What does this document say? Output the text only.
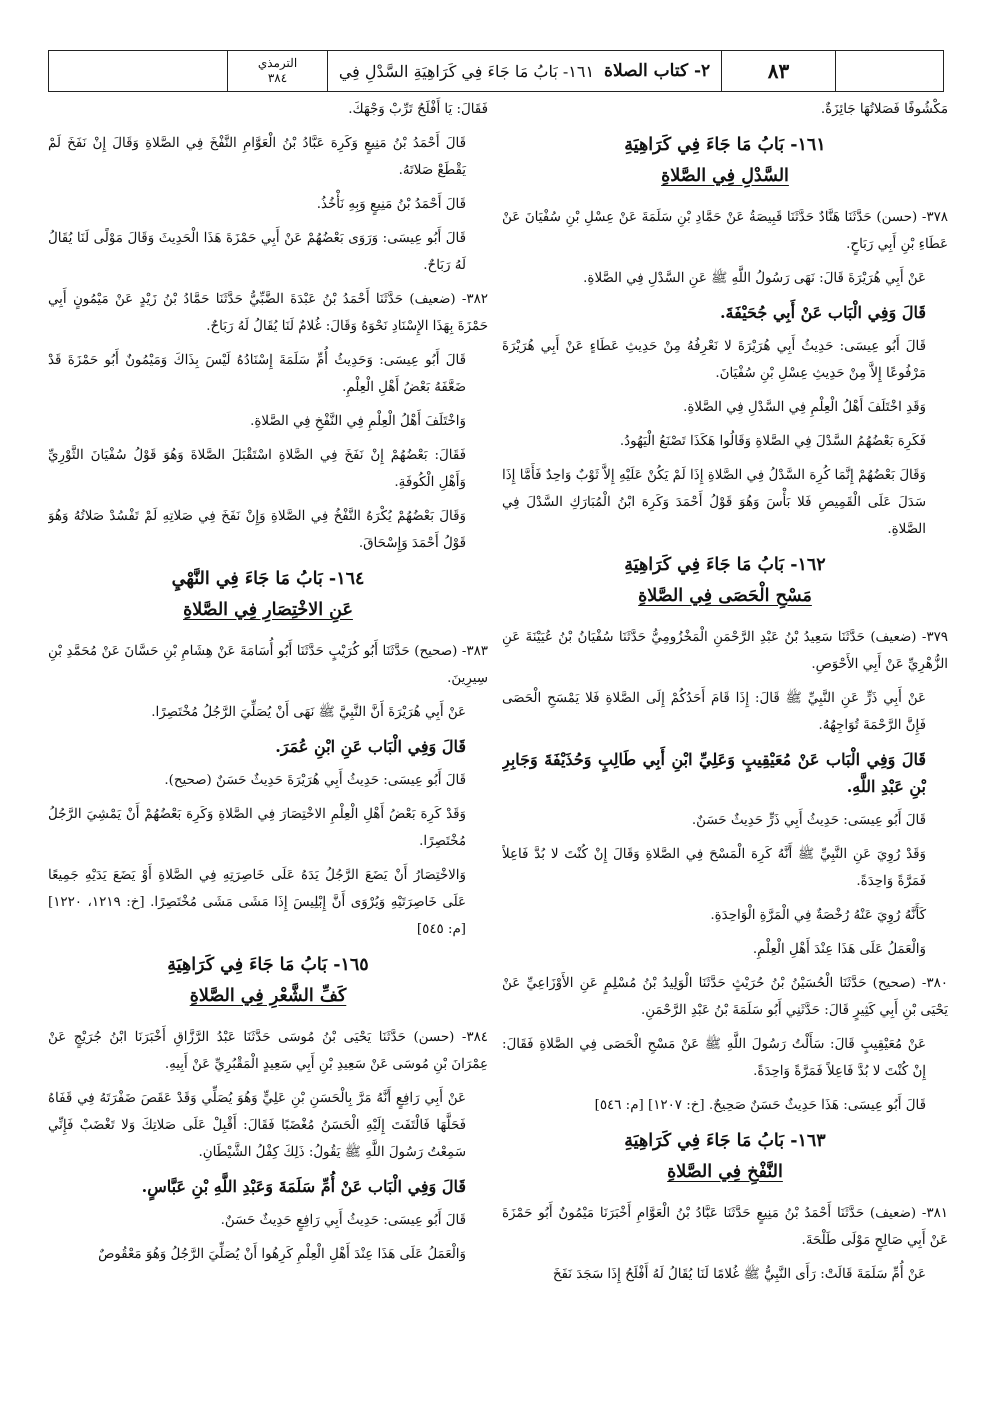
٨٣
٢- كتاب الصلاة
١٦١- بَابُ مَا جَاءَ فِي كَرَاهِيَةِ السَّدْلِ فِي
الترمذي
٣٨٤

مَكْشُوفًا فَصَلاتُهَا جَائِزَةٌ.

١٦١- بَابُ مَا جَاءَ فِي كَرَاهِيَةِ
السَّدْلِ فِي الصَّلاةِ

٣٧٨- (حسن) حَدَّثَنَا هَنَّادٌ حَدَّثَنَا قَبِيصَةُ عَنْ حَمَّادِ بْنِ سَلَمَةَ عَنْ عِسْلِ بْنِ سُفْيَانَ عَنْ عَطَاءِ بْنِ أَبِي رَبَاحٍ.

عَنْ أَبِي هُرَيْرَةَ قَالَ: نَهَى رَسُولُ اللَّهِ ﷺ عَنِ السَّدْلِ فِي الصَّلاةِ.

قَالَ وَفِي الْبَاب عَنْ أَبِي جُحَيْفَةَ.

قَالَ أَبُو عِيسَى: حَدِيثُ أَبِي هُرَيْرَةَ لا نَعْرِفُهُ مِنْ حَدِيثِ عَطَاءٍ عَنْ أَبِي هُرَيْرَةَ مَرْفُوعًا إِلاَّ مِنْ حَدِيثِ عِسْلِ بْنِ سُفْيَانَ.

وَقَدِ اخْتَلَفَ أَهْلُ الْعِلْمِ فِي السَّدْلِ فِي الصَّلاةِ.

فَكَرِهَ بَعْضُهُمُ السَّدْلَ فِي الصَّلاةِ وَقَالُوا هَكَذَا تَصْنَعُ الْيَهُودُ.

وَقَالَ بَعْضُهُمْ إِنَّمَا كُرِهَ السَّدْلُ فِي الصَّلاةِ إِذَا لَمْ يَكُنْ عَلَيْهِ إِلاَّ ثَوْبٌ وَاحِدٌ فَأَمَّا إِذَا سَدَلَ عَلَى الْقَمِيصِ فَلا بَأْسَ وَهُوَ قَوْلُ أَحْمَدَ وَكَرِهَ ابْنُ الْمُبَارَكِ السَّدْلَ فِي الصَّلاةِ.

١٦٢- بَابُ مَا جَاءَ فِي كَرَاهِيَةِ
مَسْحِ الْحَصَى فِي الصَّلاةِ

٣٧٩- (ضعيف) حَدَّثَنَا سَعِيدُ بْنُ عَبْدِ الرَّحْمَنِ الْمَخْزُومِيُّ حَدَّثَنَا سُفْيَانُ بْنُ عُيَيْنَةَ عَنِ الزُّهْرِيِّ عَنْ أَبِي الأَحْوَصِ.

عَنْ أَبِي ذَرٍّ عَنِ النَّبِيِّ ﷺ قَالَ: إِذَا قَامَ أَحَدُكُمْ إِلَى الصَّلاةِ فَلا يَمْسَحِ الْحَصَى فَإِنَّ الرَّحْمَةَ تُوَاجِهُهُ.

قَالَ وَفِي الْبَاب عَنْ مُعَيْقِيبٍ وَعَلِيِّ ابْنِ أَبِي طَالِبٍ وَحُذَيْفَةَ وَجَابِرِ بْنِ عَبْدِ اللَّهِ.

قَالَ أَبُو عِيسَى: حَدِيثُ أَبِي ذَرٍّ حَدِيثٌ حَسَنٌ.

وَقَدْ رُوِيَ عَنِ النَّبِيِّ ﷺ أَنَّهُ كَرِهَ الْمَسْحَ فِي الصَّلاةِ وَقَالَ إِنْ كُنْتَ لا بُدَّ فَاعِلاً فَمَرَّةً وَاحِدَةً.

كَأَنَّهُ رُوِيَ عَنْهُ رُخْصَةٌ فِي الْمَرَّةِ الْوَاحِدَةِ.

وَالْعَمَلُ عَلَى هَذَا عِنْدَ أَهْلِ الْعِلْمِ.

٣٨٠- (صحيح) حَدَّثَنَا الْحُسَيْنُ بْنُ حُرَيْثٍ حَدَّثَنَا الْوَلِيدُ بْنُ مُسْلِمٍ عَنِ الأَوْزَاعِيِّ عَنْ يَحْيَى بْنِ أَبِي كَثِيرٍ قَالَ: حَدَّثَنِي أَبُو سَلَمَةَ بْنُ عَبْدِ الرَّحْمَنِ.

عَنْ مُعَيْقِيبٍ قَالَ: سَأَلْتُ رَسُولَ اللَّهِ ﷺ عَنْ مَسْحِ الْحَصَى فِي الصَّلاةِ فَقَالَ: إِنْ كُنْتَ لا بُدَّ فَاعِلاً فَمَرَّةً وَاحِدَةً.

قَالَ أَبُو عِيسَى: هَذَا حَدِيثٌ حَسَنٌ صَحِيحٌ. [خ: ١٢٠٧] [م: ٥٤٦]

١٦٣- بَابُ مَا جَاءَ فِي كَرَاهِيَةِ
النَّفْخِ فِي الصَّلاةِ

٣٨١- (ضعيف) حَدَّثَنَا أَحْمَدُ بْنُ مَنِيعٍ حَدَّثَنَا عَبَّادُ بْنُ الْعَوَّامِ أَخْبَرَنَا مَيْمُونٌ أَبُو حَمْزَةَ عَنْ أَبِي صَالِحٍ مَوْلَى طَلْحَةَ.

عَنْ أُمِّ سَلَمَةَ قَالَتْ: رَأَى النَّبِيُّ ﷺ غُلامًا لَنَا يُقَالُ لَهُ أَفْلَحُ إِذَا سَجَدَ نَفَخَ

فَقَالَ: يَا أَفْلَحُ تَرِّبْ وَجْهَكَ.

قَالَ أَحْمَدُ بْنُ مَنِيعٍ وَكَرِهَ عَبَّادُ بْنُ الْعَوَّامِ النَّفْخَ فِي الصَّلاةِ وَقَالَ إِنْ نَفَخَ لَمْ يَقْطَعْ صَلاتَهُ.

قَالَ أَحْمَدُ بْنُ مَنِيعٍ وَبِهِ نَأْخُذُ.

قَالَ أَبُو عِيسَى: وَرَوَى بَعْضُهُمْ عَنْ أَبِي حَمْزَةَ هَذَا الْحَدِيثَ وَقَالَ مَوْلًى لَنَا يُقَالُ لَهُ رَبَاحٌ.

٣٨٢- (ضعيف) حَدَّثَنَا أَحْمَدُ بْنُ عَبْدَةَ الضَّبِّيُّ حَدَّثَنَا حَمَّادُ بْنُ زَيْدٍ عَنْ مَيْمُونٍ أَبِي حَمْزَةَ بِهَذَا الإِسْنَادِ نَحْوَهُ وَقَالَ: غُلامٌ لَنَا يُقَالُ لَهُ رَبَاحٌ.

قَالَ أَبُو عِيسَى: وَحَدِيثُ أُمِّ سَلَمَةَ إِسْنَادُهُ لَيْسَ بِذَاكَ وَمَيْمُونٌ أَبُو حَمْزَةَ قَدْ ضَعَّفَهُ بَعْضُ أَهْلِ الْعِلْمِ.

وَاخْتَلَفَ أَهْلُ الْعِلْمِ فِي النَّفْخِ فِي الصَّلاةِ.

فَقَالَ: بَعْضُهُمْ إِنْ نَفَخَ فِي الصَّلاةِ اسْتَقْبَلَ الصَّلاةَ وَهُوَ قَوْلُ سُفْيَانَ الثَّوْرِيِّ وَأَهْلِ الْكُوفَةِ.

وَقَالَ بَعْضُهُمْ يُكْرَهُ النَّفْخُ فِي الصَّلاةِ وَإِنْ نَفَخَ فِي صَلاتِهِ لَمْ تَفْسُدْ صَلاتُهُ وَهُوَ قَوْلُ أَحْمَدَ وَإِسْحَاقَ.

١٦٤- بَابُ مَا جَاءَ فِي النَّهْيِ
عَنِ الاخْتِصَارِ فِي الصَّلاةِ

٣٨٣- (صحيح) حَدَّثَنَا أَبُو كُرَيْبٍ حَدَّثَنَا أَبُو أُسَامَةَ عَنْ هِشَامِ بْنِ حَسَّانَ عَنْ مُحَمَّدِ بْنِ سِيرِينَ.

عَنْ أَبِي هُرَيْرَةَ أَنَّ النَّبِيَّ ﷺ نَهَى أَنْ يُصَلِّيَ الرَّجُلُ مُخْتَصِرًا.

قَالَ وَفِي الْبَاب عَنِ ابْنِ عُمَرَ.

قَالَ أَبُو عِيسَى: حَدِيثُ أَبِي هُرَيْرَةَ حَدِيثٌ حَسَنٌ (صحيح).

وَقَدْ كَرِهَ بَعْضُ أَهْلِ الْعِلْمِ الاخْتِصَارَ فِي الصَّلاةِ وَكَرِهَ بَعْضُهُمْ أَنْ يَمْشِيَ الرَّجُلُ مُخْتَصِرًا.

وَالاخْتِصَارُ أَنْ يَضَعَ الرَّجُلُ يَدَهُ عَلَى خَاصِرَتِهِ فِي الصَّلاةِ أَوْ يَضَعَ يَدَيْهِ جَمِيعًا عَلَى خَاصِرَتَيْهِ وَيُرْوَى أَنَّ إِبْلِيسَ إِذَا مَشَى مَشَى مُخْتَصِرًا. [خ: ١٢١٩، ١٢٢٠] [م: ٥٤٥]

١٦٥- بَابُ مَا جَاءَ فِي كَرَاهِيَةِ
كَفِّ الشَّعْرِ فِي الصَّلاةِ

٣٨٤- (حسن) حَدَّثَنَا يَحْيَى بْنُ مُوسَى حَدَّثَنَا عَبْدُ الرَّزَّاقِ أَخْبَرَنَا ابْنُ جُرَيْجٍ عَنْ عِمْرَانَ بْنِ مُوسَى عَنْ سَعِيدِ بْنِ أَبِي سَعِيدٍ الْمَقْبُرِيِّ عَنْ أَبِيهِ.

عَنْ أَبِي رَافِعٍ أَنَّهُ مَرَّ بِالْحَسَنِ بْنِ عَلِيٍّ وَهُوَ يُصَلِّي وَقَدْ عَقَصَ ضَفْرَتَهُ فِي قَفَاهُ فَحَلَّهَا فَالْتَفَتَ إِلَيْهِ الْحَسَنُ مُغْضَبًا فَقَالَ: أَقْبِلْ عَلَى صَلاتِكَ وَلا تَغْضَبْ فَإِنِّي سَمِعْتُ رَسُولَ اللَّهِ ﷺ يَقُولُ: ذَلِكَ كِفْلُ الشَّيْطَانِ.

قَالَ وَفِي الْبَاب عَنْ أُمِّ سَلَمَةَ وَعَبْدِ اللَّهِ بْنِ عَبَّاسٍ.

قَالَ أَبُو عِيسَى: حَدِيثُ أَبِي رَافِعٍ حَدِيثٌ حَسَنٌ.

وَالْعَمَلُ عَلَى هَذَا عِنْدَ أَهْلِ الْعِلْمِ كَرِهُوا أَنْ يُصَلِّيَ الرَّجُلُ وَهُوَ مَعْقُوصٌ
